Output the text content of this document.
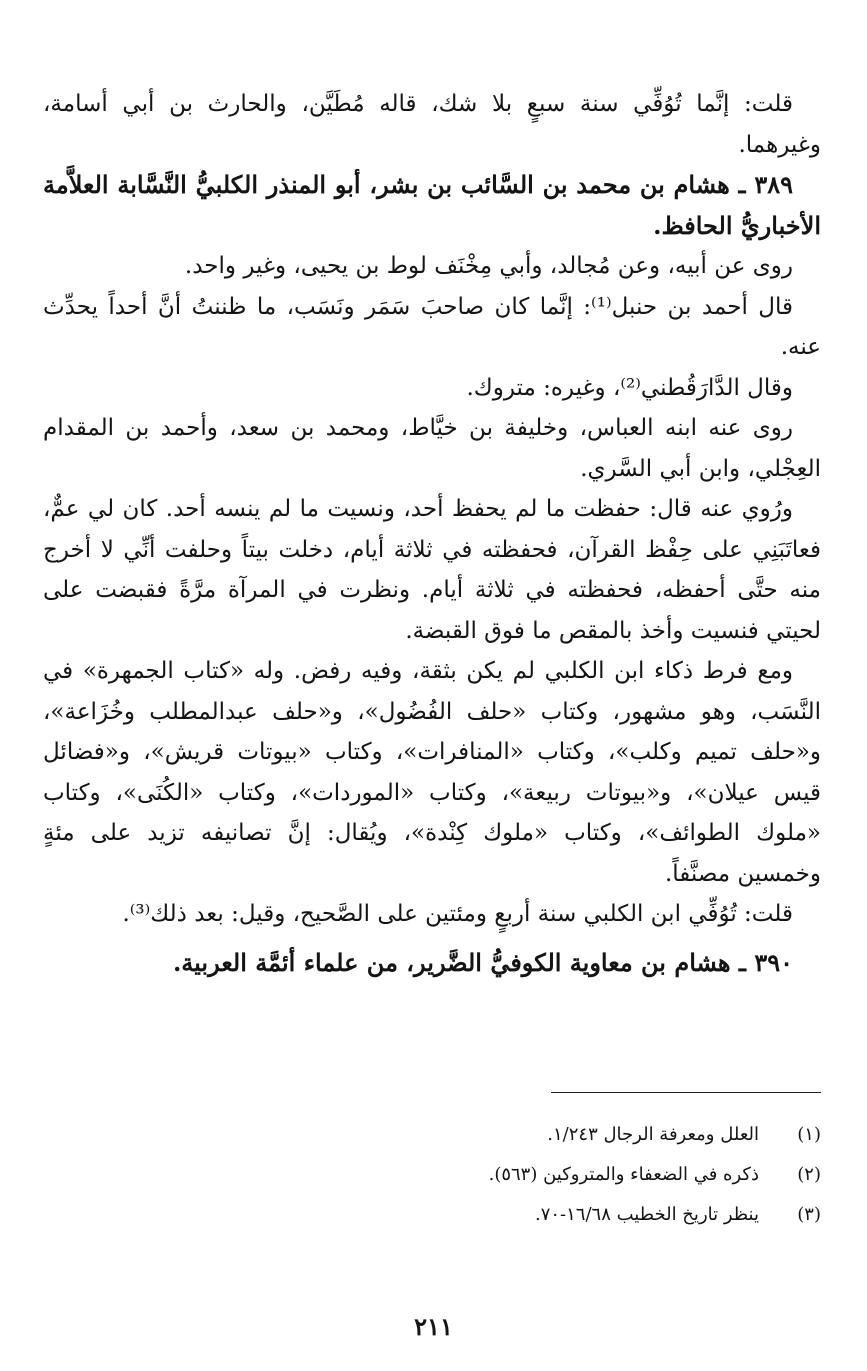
قلت: إنَّما تُوُفِّي سنة سبعٍ بلا شك، قاله مُطَيَّن، والحارث بن أبي أسامة، وغيرهما.

٣٨٩ ـ هشام بن محمد بن السَّائب بن بشر، أبو المنذر الكلبيُّ النَّسَّابة العلاَّمة الأخباريُّ الحافظ.

روى عن أبيه، وعن مُجالد، وأبي مِخْنَف لوط بن يحيى، وغير واحد.

قال أحمد بن حنبل⁽¹⁾: إنَّما كان صاحبَ سَمَر ونَسَب، ما ظننتُ أنَّ أحداً يحدِّث عنه.

وقال الدَّارَقُطني⁽²⁾، وغيره: متروك.

روى عنه ابنه العباس، وخليفة بن خيَّاط، ومحمد بن سعد، وأحمد بن المقدام العِجْلي، وابن أبي السَّري.

ورُوي عنه قال: حفظت ما لم يحفظ أحد، ونسيت ما لم ينسه أحد. كان لي عمٌّ، فعاتَبَنِي على حِفْظ القرآن، فحفظته في ثلاثة أيام، دخلت بيتاً وحلفت أنِّي لا أخرج منه حتَّى أحفظه، فحفظته في ثلاثة أيام. ونظرت في المرآة مرَّةً فقبضت على لحيتي فنسيت وأخذ بالمقص ما فوق القبضة.

ومع فرط ذكاء ابن الكلبي لم يكن بثقة، وفيه رفض. وله «كتاب الجمهرة» في النَّسَب، وهو مشهور، وكتاب «حلف الفُضُول»، و«حلف عبدالمطلب وخُزَاعة»، و«حلف تميم وكلب»، وكتاب «المنافرات»، وكتاب «بيوتات قريش»، و«فضائل قيس عيلان»، و«بيوتات ربيعة»، وكتاب «الموردات»، وكتاب «الكُنَى»، وكتاب «ملوك الطوائف»، وكتاب «ملوك كِنْدة»، ويُقال: إنَّ تصانيفه تزيد على مئةٍ وخمسين مصنَّفاً.

قلت: تُوُفِّي ابن الكلبي سنة أربعٍ ومئتين على الصَّحيح، وقيل: بعد ذلك⁽³⁾.

٣٩٠ ـ هشام بن معاوية الكوفيُّ الضَّرير، من علماء أئمَّة العربية.

(١)
العلل ومعرفة الرجال ١/٢٤٣.
(٢)
ذكره في الضعفاء والمتروكين (٥٦٣).
(٣)
ينظر تاريخ الخطيب ١٦/٦٨-٧٠.
٢١١
